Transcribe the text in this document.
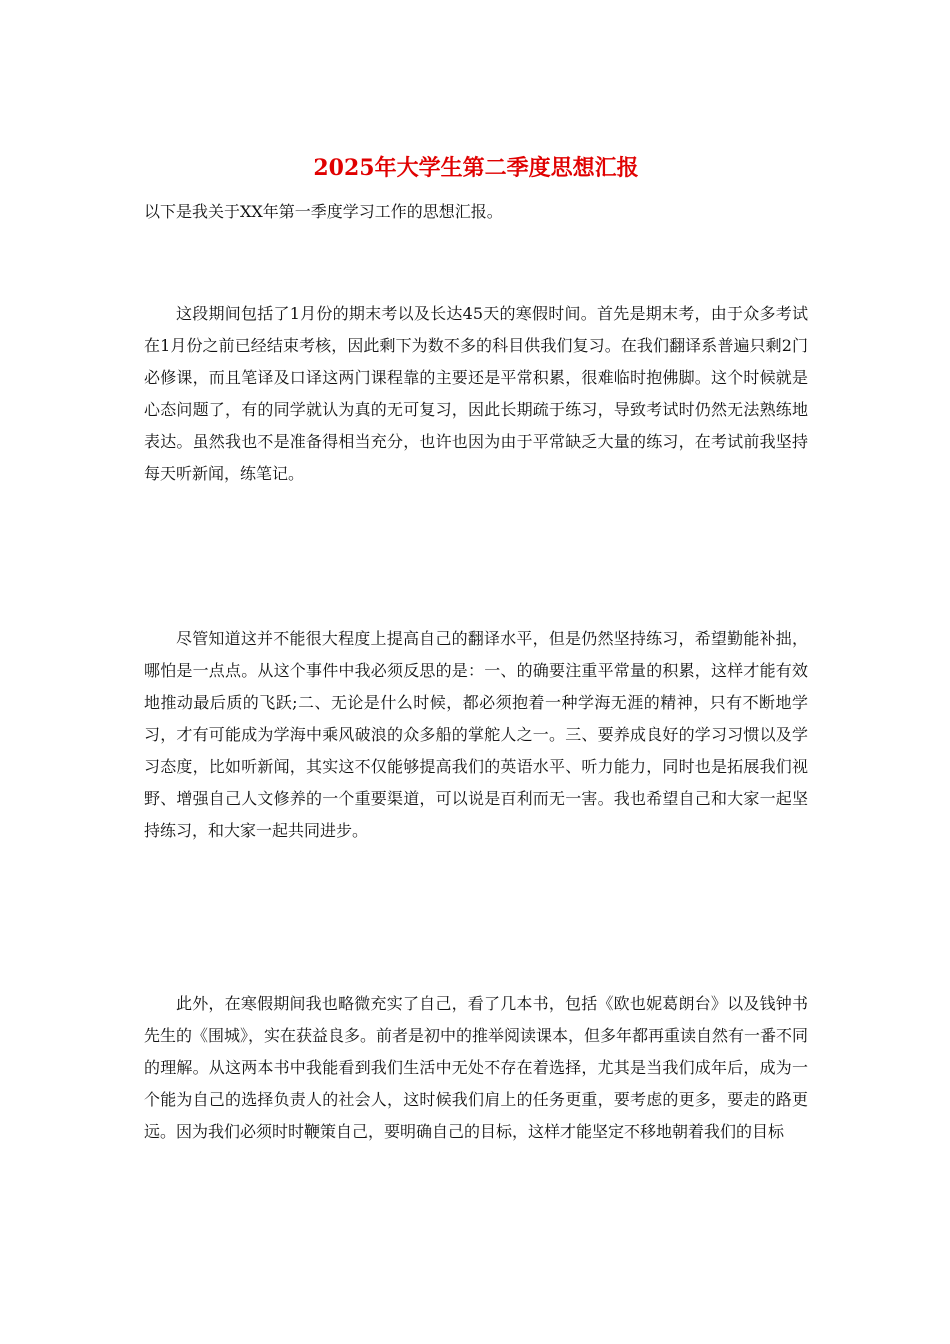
2025年大学生第二季度思想汇报

以下是我关于XX年第一季度学习工作的思想汇报。

这段期间包括了1月份的期末考以及长达45天的寒假时间。首先是期末考，由于众多考试在1月份之前已经结束考核，因此剩下为数不多的科目供我们复习。在我们翻译系普遍只剩2门必修课，而且笔译及口译这两门课程靠的主要还是平常积累，很难临时抱佛脚。这个时候就是心态问题了，有的同学就认为真的无可复习，因此长期疏于练习，导致考试时仍然无法熟练地表达。虽然我也不是准备得相当充分，也许也因为由于平常缺乏大量的练习，在考试前我坚持每天听新闻，练笔记。

尽管知道这并不能很大程度上提高自己的翻译水平，但是仍然坚持练习，希望勤能补拙，哪怕是一点点。从这个事件中我必须反思的是：一、的确要注重平常量的积累，这样才能有效地推动最后质的飞跃;二、无论是什么时候，都必须抱着一种学海无涯的精神，只有不断地学习，才有可能成为学海中乘风破浪的众多船的掌舵人之一。三、要养成良好的学习习惯以及学习态度，比如听新闻，其实这不仅能够提高我们的英语水平、听力能力，同时也是拓展我们视野、增强自己人文修养的一个重要渠道，可以说是百利而无一害。我也希望自己和大家一起坚持练习，和大家一起共同进步。

此外，在寒假期间我也略微充实了自己，看了几本书，包括《欧也妮葛朗台》以及钱钟书先生的《围城》，实在获益良多。前者是初中的推举阅读课本，但多年都再重读自然有一番不同的理解。从这两本书中我能看到我们生活中无处不存在着选择，尤其是当我们成年后，成为一个能为自己的选择负责人的社会人，这时候我们肩上的任务更重，要考虑的更多，要走的路更远。因为我们必须时时鞭策自己，要明确自己的目标，这样才能坚定不移地朝着我们的目标
